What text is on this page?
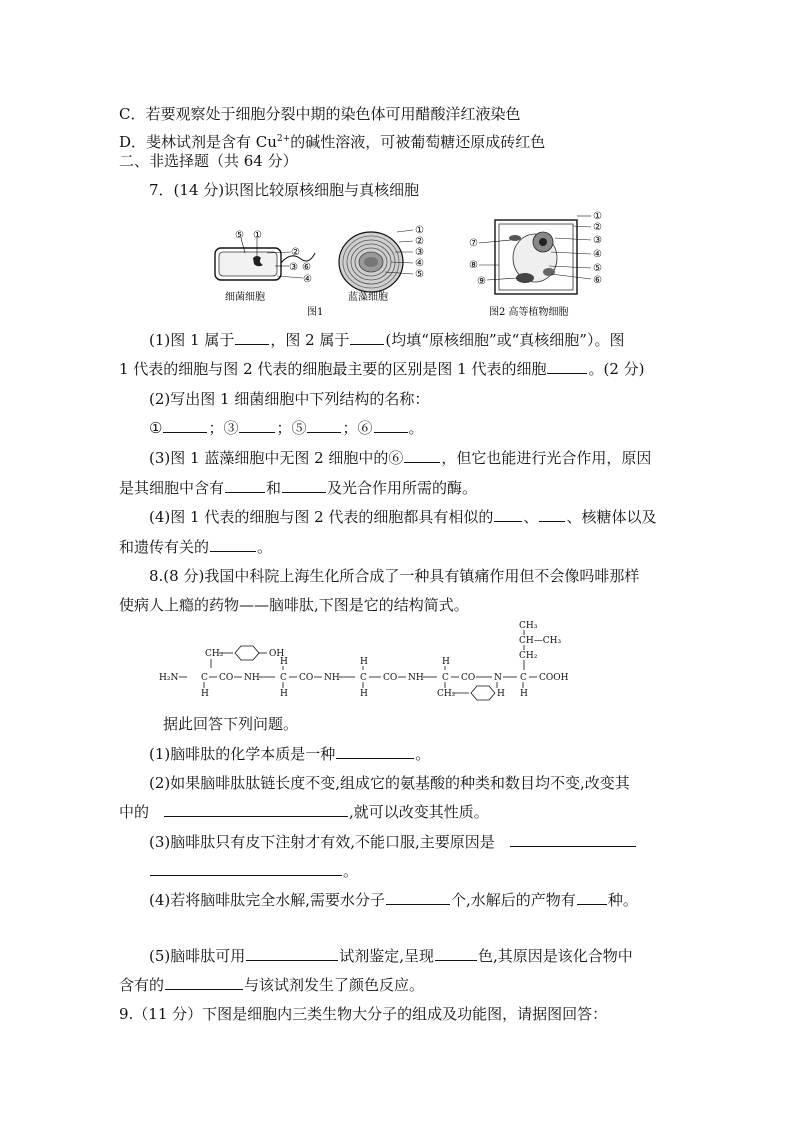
C．若要观察处于细胞分裂中期的染色体可用醋酸洋红液染色
D．斐林试剂是含有 $Cu^{2+}$的碱性溶液，可被葡萄糖还原成砖红色
二、非选择题（共 64 分）
7．(14 分)识图比较原核细胞与真核细胞
⑤ ①
②
③ ⑥
④
细菌细胞
①
②
③
④
⑤
蓝藻细胞
图1
①
②
③
④
⑤
⑥
⑦
⑧
⑨
图2 高等植物细胞
(1)图 1 属于 ，图 2 属于 (均填“原核细胞”或“真核细胞”）。图
1 代表的细胞与图 2 代表的细胞最主要的区别是图 1 代表的细胞	。(2 分)
(2)写出图 1 细菌细胞中下列结构的名称：
①	；③	；⑤ ；⑥ 。
(3)图 1 蓝藻细胞中无图 2 细胞中的⑥	，但它也能进行光合作用，原因
是其细胞中含有	和	及光合作用所需的酶。
(4)图 1 代表的细胞与图 2 代表的细胞都具有相似的 、 、核糖体以及
和遗传有关的	。
8.(8 分)我国中科院上海生化所合成了一种具有镇痛作用但不会像吗啡那样
使病人上瘾的药物——脑啡肽,下图是它的结构简式。
CH₂	OH
H	H	H
CH₃
CH—CH₃
CH₂
H₂N	C CO NH C CO NH C CO NH C CO N C COOH
H	H	H	CH₂	H H
据此回答下列问题。
(1)脑啡肽的化学本质是一种	。
(2)如果脑啡肽肽链长度不变,组成它的氨基酸的种类和数目均不变,改变其
中的	,就可以改变其性质。
(3)脑啡肽只有皮下注射才有效,不能口服,主要原因是
。
(4)若将脑啡肽完全水解,需要水分子	个,水解后的产物有 种。
(5)脑啡肽可用	试剂鉴定,呈现	色,其原因是该化合物中
含有的	与该试剂发生了颜色反应。
9.（11 分）下图是细胞内三类生物大分子的组成及功能图，请据图回答：
